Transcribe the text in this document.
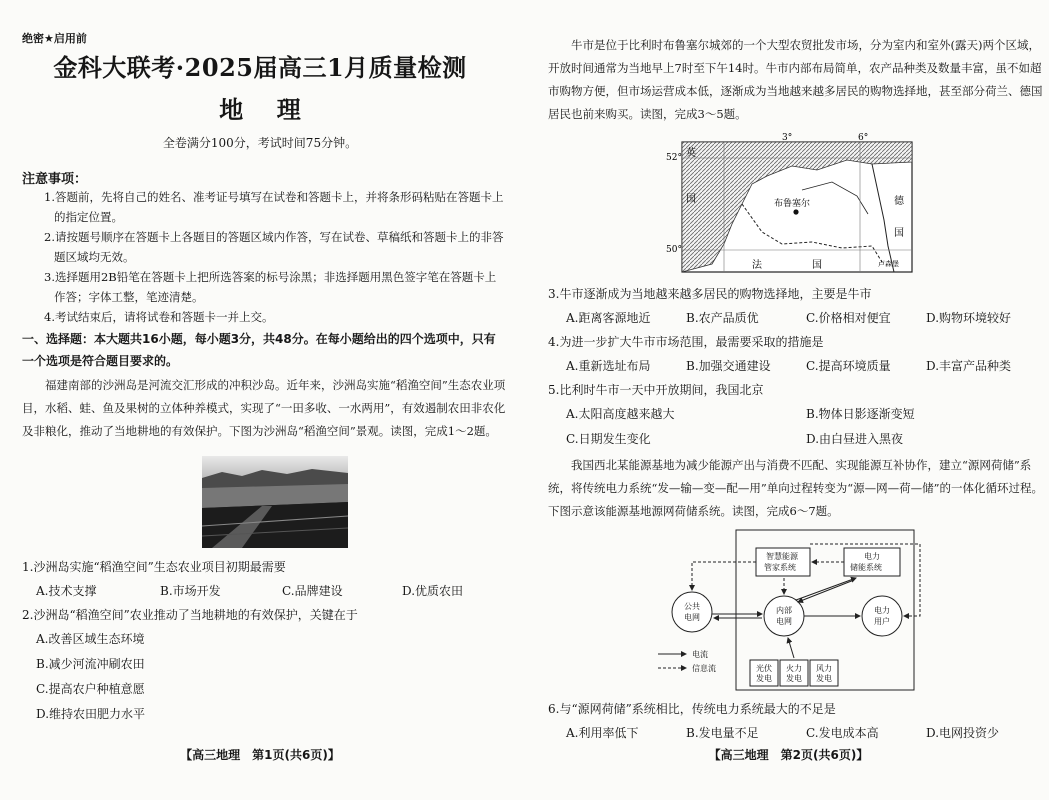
绝密★启用前
金科大联考·2025届高三1月质量检测
地    理
全卷满分100分，考试时间75分钟。
注意事项：

1.答题前，先将自己的姓名、准考证号填写在试卷和答题卡上，并将条形码粘贴在答题卡上的指定位置。

2.请按题号顺序在答题卡上各题目的答题区域内作答，写在试卷、草稿纸和答题卡上的非答题区域均无效。

3.选择题用2B铅笔在答题卡上把所选答案的标号涂黑；非选择题用黑色签字笔在答题卡上作答；字体工整，笔迹清楚。

4.考试结束后，请将试卷和答题卡一并上交。

一、选择题：本大题共16小题，每小题3分，共48分。在每小题给出的四个选项中，只有一个选项是符合题目要求的。

福建南部的沙洲岛是河流交汇形成的冲积沙岛。近年来，沙洲岛实施“稻渔空间”生态农业项目，水稻、蛙、鱼及果树的立体种养模式，实现了“一田多收、一水两用”，有效遏制农田非农化及非粮化，推动了当地耕地的有效保护。下图为沙洲岛“稻渔空间”景观。读图，完成1～2题。

1.沙洲岛实施“稻渔空间”生态农业项目初期最需要
A.技术支撑	B.市场开发	C.品牌建设	D.优质农田
2.沙洲岛“稻渔空间”农业推动了当地耕地的有效保护，关键在于
A.改善区域生态环境
B.减少河流冲刷农田
C.提高农户种植意愿
D.维持农田肥力水平
【高三地理　第1页(共6页)】

牛市是位于比利时布鲁塞尔城郊的一个大型农贸批发市场，分为室内和室外(露天)两个区域，开放时间通常为当地早上7时至下午14时。牛市内部布局简单，农产品种类及数量丰富，虽不如超市购物方便，但市场运营成本低，逐渐成为当地越来越多居民的购物选择地，甚至部分荷兰、德国居民也前来购买。读图，完成3～5题。

3°	6°
52°
50°
英
国
法	国
德
国
卢森堡
布鲁塞尔
3.牛市逐渐成为当地越来越多居民的购物选择地，主要是牛市
A.距离客源地近	B.农产品质优	C.价格相对便宜	D.购物环境较好
4.为进一步扩大牛市市场范围，最需要采取的措施是
A.重新选址布局	B.加强交通建设	C.提高环境质量	D.丰富产品种类
5.比利时牛市一天中开放期间，我国北京
A.太阳高度越来越大	B.物体日影逐渐变短
C.日期发生变化	D.由白昼进入黑夜

我国西北某能源基地为减少能源产出与消费不匹配、实现能源互补协作，建立“源网荷储”系统，将传统电力系统“发—输—变—配—用”单向过程转变为“源—网—荷—储”的一体化循环过程。下图示意该能源基地源网荷储系统。读图，完成6～7题。

智慧能源
管家系统
电力
储能系统
公共
电网
内部
电网
电力
用户
光伏
发电
火力
发电
风力
发电
电流
信息流
6.与“源网荷储”系统相比，传统电力系统最大的不足是
A.利用率低下	B.发电量不足	C.发电成本高	D.电网投资少
【高三地理　第2页(共6页)】
